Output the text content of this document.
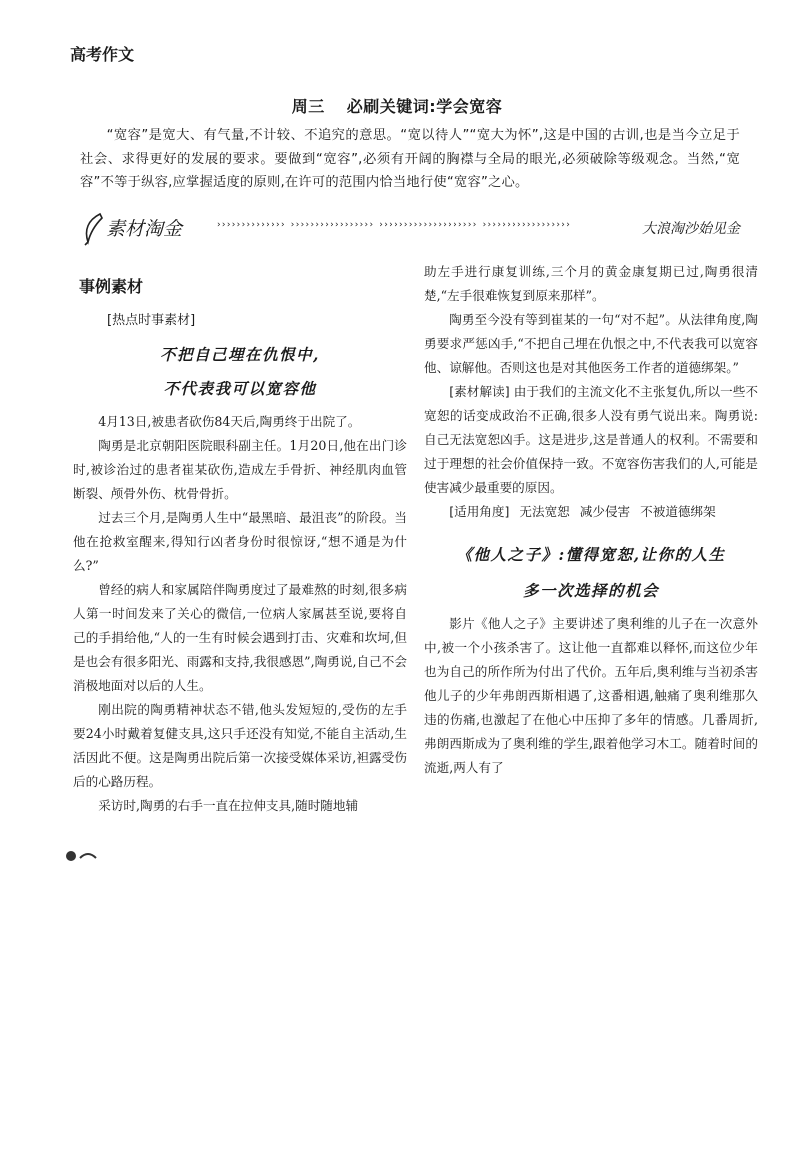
高考作文
周三 必刷关键词:学会宽容
“宽容”是宽大、有气量,不计较、不追究的意思。“宽以待人”“宽大为怀”,这是中国的古训,也是当今立足于社会、求得更好的发展的要求。要做到“宽容”,必须有开阔的胸襟与全局的眼光,必须破除等级观念。当然,“宽容”不等于纵容,应掌握适度的原则,在许可的范围内恰当地行使“宽容”之心。
素材淘金	›››››››››››››› ››››››››››››››››› ›››››››››››››››››››› ››››››››››››››››››	大浪淘沙始见金
事例素材
[热点时事素材]
不把自己埋在仇恨中,
不代表我可以宽容他

4月13日,被患者砍伤84天后,陶勇终于出院了。

陶勇是北京朝阳医院眼科副主任。1月20日,他在出门诊时,被诊治过的患者崔某砍伤,造成左手骨折、神经肌肉血管断裂、颅骨外伤、枕骨骨折。

过去三个月,是陶勇人生中“最黑暗、最沮丧”的阶段。当他在抢救室醒来,得知行凶者身份时很惊讶,“想不通是为什么?”

曾经的病人和家属陪伴陶勇度过了最难熬的时刻,很多病人第一时间发来了关心的微信,一位病人家属甚至说,要将自己的手捐给他,“人的一生有时候会遇到打击、灾难和坎坷,但是也会有很多阳光、雨露和支持,我很感恩”,陶勇说,自己不会消极地面对以后的人生。

刚出院的陶勇精神状态不错,他头发短短的,受伤的左手要24小时戴着复健支具,这只手还没有知觉,不能自主活动,生活因此不便。这是陶勇出院后第一次接受媒体采访,袒露受伤后的心路历程。

采访时,陶勇的右手一直在拉伸支具,随时随地辅

助左手进行康复训练,三个月的黄金康复期已过,陶勇很清楚,“左手很难恢复到原来那样”。

陶勇至今没有等到崔某的一句“对不起”。从法律角度,陶勇要求严惩凶手,“不把自己埋在仇恨之中,不代表我可以宽容他、谅解他。否则这也是对其他医务工作者的道德绑架。”

[素材解读] 由于我们的主流文化不主张复仇,所以一些不宽恕的话变成政治不正确,很多人没有勇气说出来。陶勇说:自己无法宽恕凶手。这是进步,这是普通人的权利。不需要和过于理想的社会价值保持一致。不宽容伤害我们的人,可能是使害减少最重要的原因。

[适用角度] 无法宽恕 减少侵害 不被道德绑架

《他人之子》:懂得宽恕,让你的人生
多一次选择的机会

影片《他人之子》主要讲述了奥利维的儿子在一次意外中,被一个小孩杀害了。这让他一直都难以释怀,而这位少年也为自己的所作所为付出了代价。五年后,奥利维与当初杀害他儿子的少年弗朗西斯相遇了,这番相遇,触痛了奥利维那久违的伤痛,也激起了在他心中压抑了多年的情感。几番周折,弗朗西斯成为了奥利维的学生,跟着他学习木工。随着时间的流逝,两人有了
